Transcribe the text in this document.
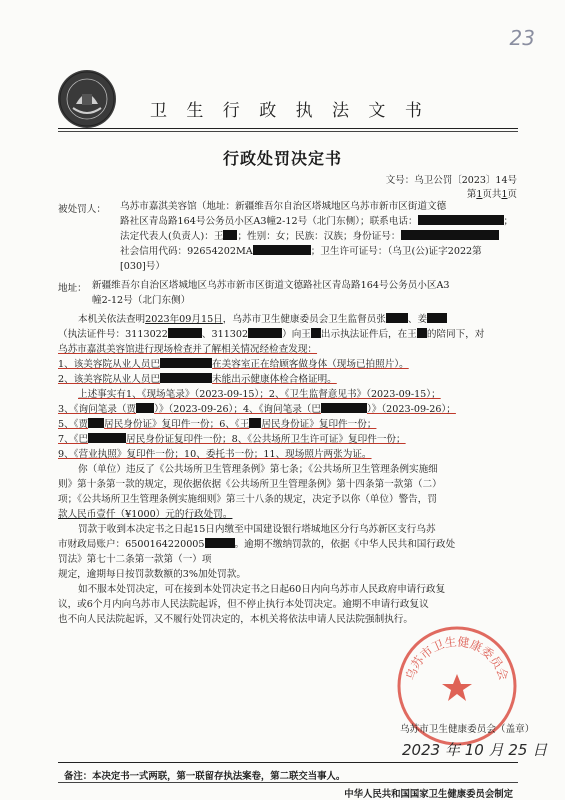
23
卫 生 行 政 执 法 文 书
行政处罚决定书
文号：乌卫公罚〔2023〕14号
第1页共1页
被处罚人： 乌苏市嘉淇美容馆（地址：新疆维吾尔自治区塔城地区乌苏市新市区街道文德
路社区青岛路164号公务员小区A3幢2-12号（北门东侧）；联系电话：	；
法定代表人(负责人)：王 ；性别：女；民族：汉族；身份证号：
社会信用代码：92654202MA	；卫生许可证号：（乌卫(公)证字2022第
[030]号）
地址： 新疆维吾尔自治区塔城地区乌苏市新市区街道文德路社区青岛路164号公务员小区A3
幢2-12号（北门东侧）
本机关依法查明2023年09月15日，乌苏市卫生健康委员会卫生监督员张 、姜
（执法证件号：3113022	、311302	）向王 出示执法证件后，在王 的陪同下，对
乌苏市嘉淇美容馆进行现场检查并了解相关情况经检查发现：
1、该美容院从业人员巴	在美容室正在给顾客做身体（现场已拍照片）。
2、该美容院从业人员巴	未能出示健康体检合格证明。
上述事实有1、《现场笔录》（2023-09-15）；2、《卫生监督意见书》（2023-09-15）；
3、《询问笔录（贾 ）》（2023-09-26）；4、《询问笔录（巴	）》（2023-09-26）；
5、《贾 居民身份证》复印件一份；6、《王 居民身份证》复印件一份；
7、《巴	居民身份证复印件一份；8、《公共场所卫生许可证》复印件一份；
9、《营业执照》复印件一份；10、委托书一份；11、现场照片两张为证。
你（单位）违反了《公共场所卫生管理条例》第七条；《公共场所卫生管理条例实施细
则》第十条第一款的规定，现依据依据《公共场所卫生管理条例》第十四条第一款第（二）
项；《公共场所卫生管理条例实施细则》第三十八条的规定，决定予以你（单位）警告，罚
款人民币壹仟（¥1000）元的行政处罚。
罚款于收到本决定书之日起15日内缴至中国建设银行塔城地区分行乌苏新区支行乌苏
市财政局账户：6500164220005	。逾期不缴纳罚款的，依据《中华人民共和国行政处
罚法》第七十二条第一款第（一）项
规定，逾期每日按罚款数额的3%加处罚款。
如不服本处罚决定，可在接到本处罚决定书之日起60日内向乌苏市人民政府申请行政复
议，或6个月内向乌苏市人民法院起诉，但不停止执行本处罚决定。逾期不申请行政复议
也不向人民法院起诉，又不履行处罚决定的，本机关将依法申请人民法院强制执行。
乌苏市卫生健康委员会
乌苏市卫生健康委员会（盖章）
2023 年 10 月 25 日
备注：本决定书一式两联，第一联留存执法案卷，第二联交当事人。
中华人民共和国国家卫生健康委员会制定
